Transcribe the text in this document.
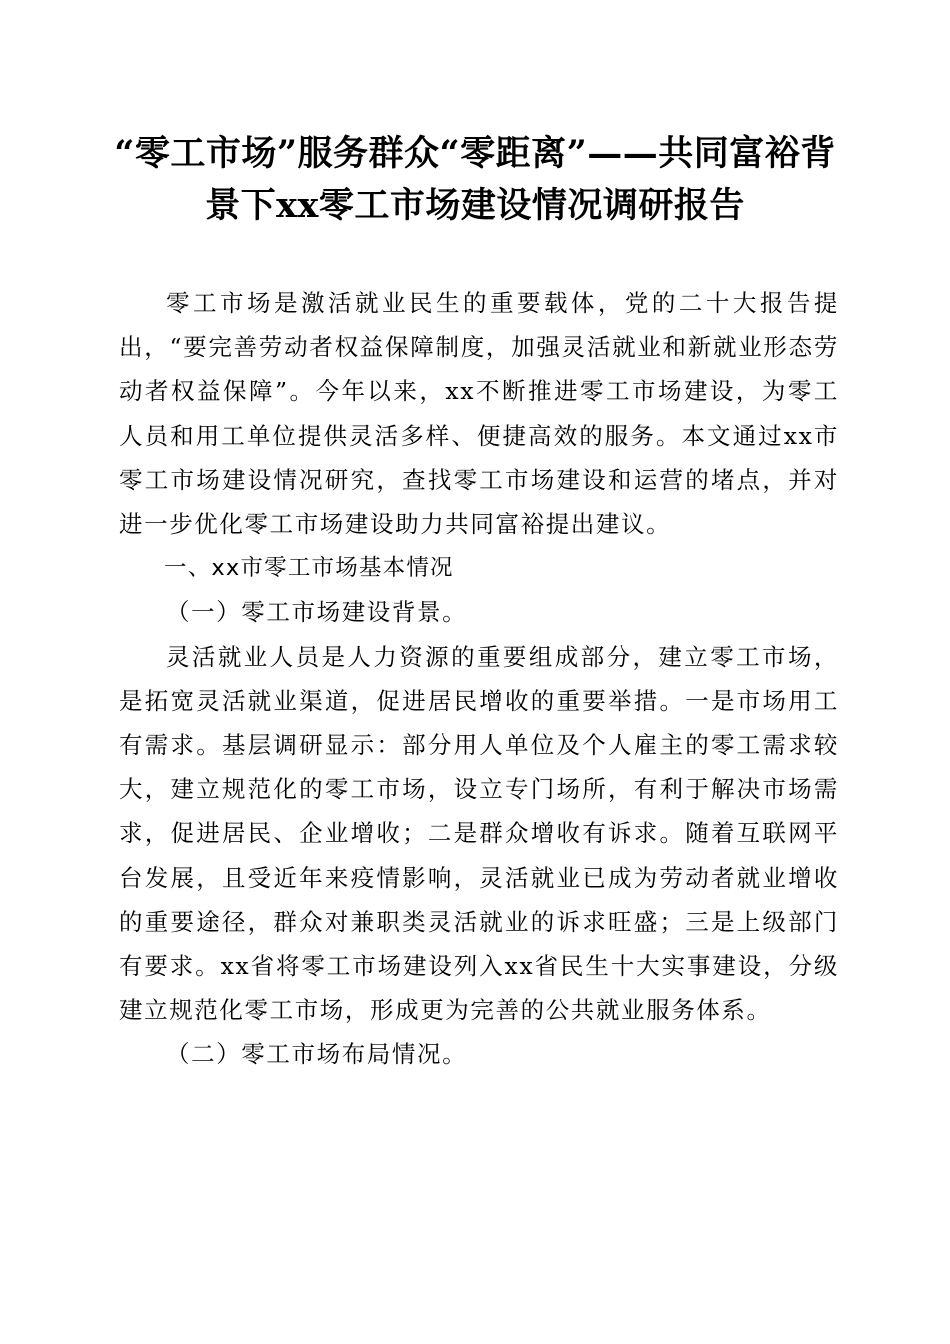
“零工市场”服务群众“零距离”——共同富裕背景下xx零工市场建设情况调研报告

零工市场是激活就业民生的重要载体，党的二十大报告提出，“要完善劳动者权益保障制度，加强灵活就业和新就业形态劳动者权益保障”。今年以来，xx不断推进零工市场建设，为零工人员和用工单位提供灵活多样、便捷高效的服务。本文通过xx市零工市场建设情况研究，查找零工市场建设和运营的堵点，并对进一步优化零工市场建设助力共同富裕提出建议。

一、xx市零工市场基本情况

（一）零工市场建设背景。

灵活就业人员是人力资源的重要组成部分，建立零工市场，是拓宽灵活就业渠道，促进居民增收的重要举措。一是市场用工有需求。基层调研显示：部分用人单位及个人雇主的零工需求较大，建立规范化的零工市场，设立专门场所，有利于解决市场需求，促进居民、企业增收；二是群众增收有诉求。随着互联网平台发展，且受近年来疫情影响，灵活就业已成为劳动者就业增收的重要途径，群众对兼职类灵活就业的诉求旺盛；三是上级部门有要求。xx省将零工市场建设列入xx省民生十大实事建设，分级建立规范化零工市场，形成更为完善的公共就业服务体系。

（二）零工市场布局情况。
